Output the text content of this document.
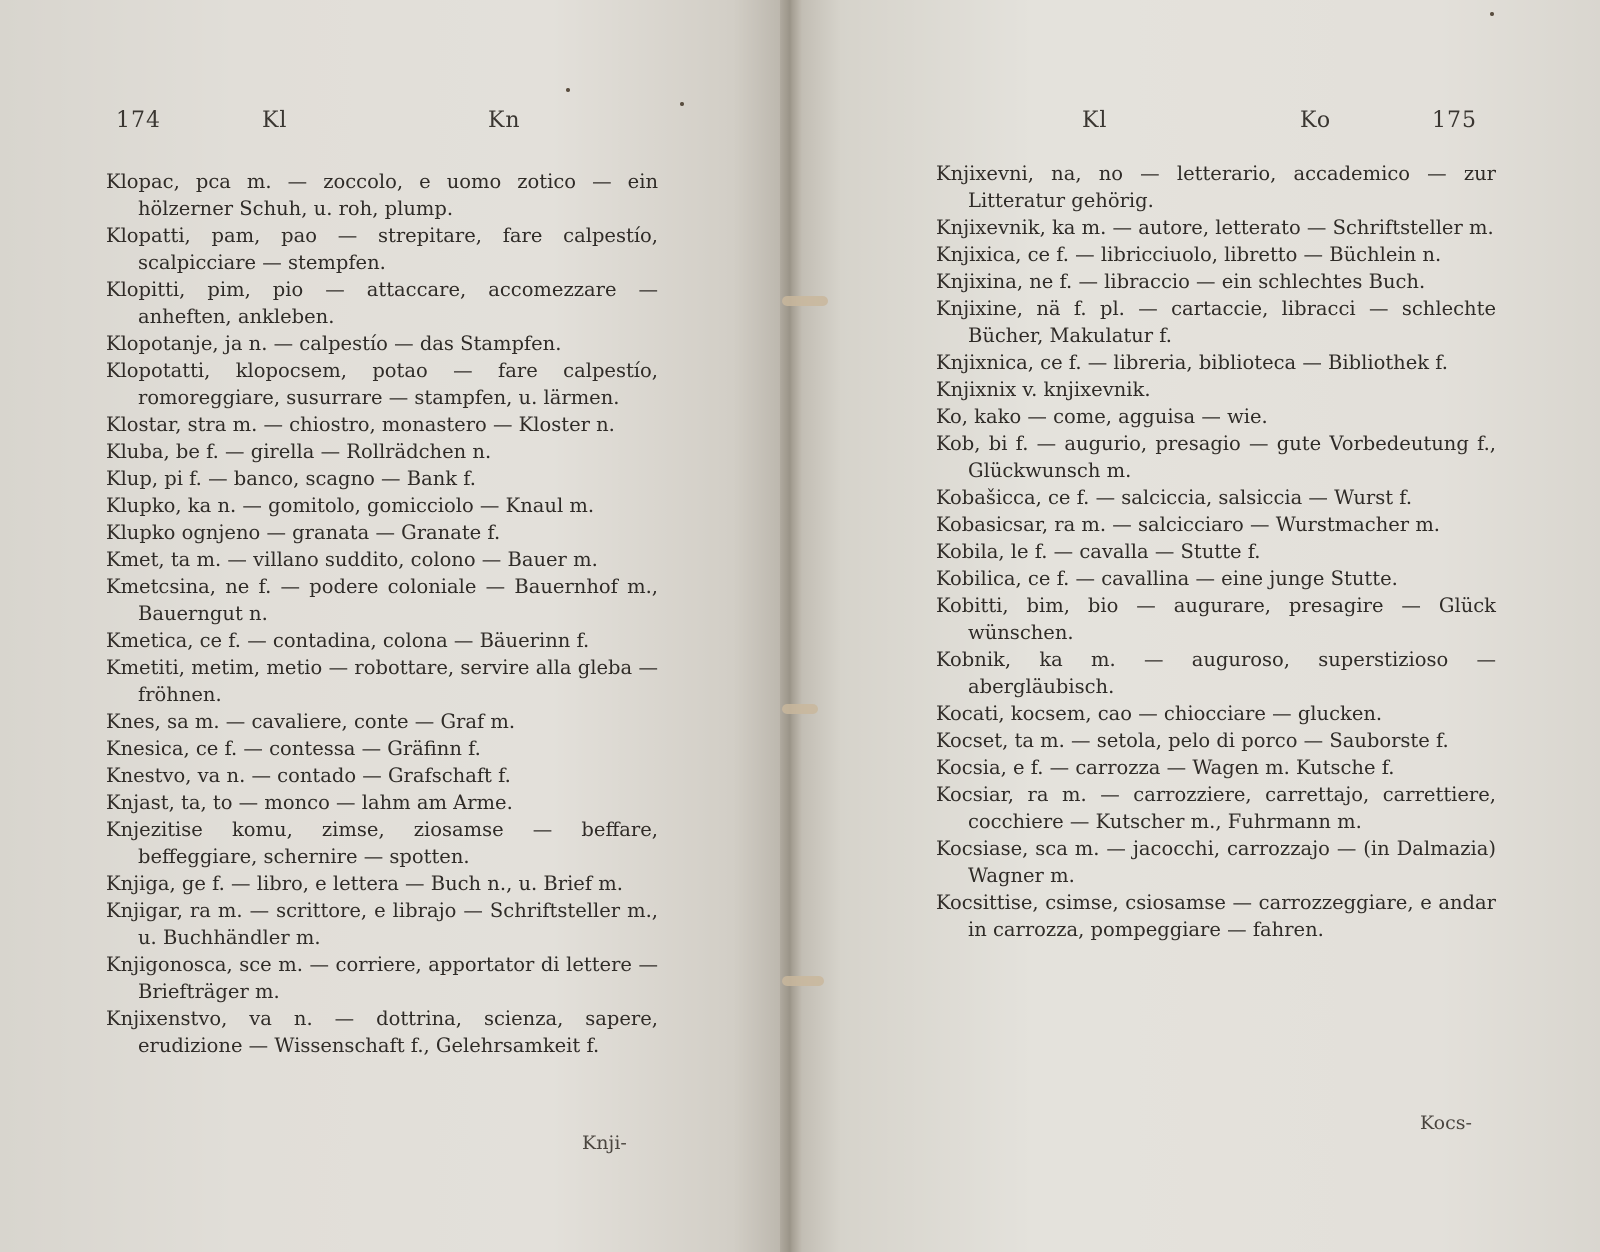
174	Kl	Kn

Klopac, pca m. — zoccolo, e uomo zotico — ein hölzerner Schuh, u. roh, plump.

Klopatti, pam, pao — strepitare, fare calpestío, scalpicciare — stempfen.

Klopitti, pim, pio — attaccare, accomezzare — anheften, ankleben.

Klopotanje, ja n. — calpestío — das Stampfen.

Klopotatti, klopocsem, potao — fare calpestío, romoreggiare, susurrare — stampfen, u. lärmen.

Klostar, stra m. — chiostro, monastero — Kloster n.

Kluba, be f. — girella — Rollrädchen n.

Klup, pi f. — banco, scagno — Bank f.

Klupko, ka n. — gomitolo, gomicciolo — Knaul m.

Klupko ognjeno — granata — Granate f.

Kmet, ta m. — villano suddito, colono — Bauer m.

Kmetcsina, ne f. — podere coloniale — Bauernhof m., Bauerngut n.

Kmetica, ce f. — contadina, colona — Bäuerinn f.

Kmetiti, metim, metio — robottare, servire alla gleba — fröhnen.

Knes, sa m. — cavaliere, conte — Graf m.

Knesica, ce f. — contessa — Gräfinn f.

Knestvo, va n. — contado — Grafschaft f.

Knjast, ta, to — monco — lahm am Arme.

Knjezitise komu, zimse, ziosamse — beffare, beffeggiare, schernire — spotten.

Knjiga, ge f. — libro, e lettera — Buch n., u. Brief m.

Knjigar, ra m. — scrittore, e librajo — Schriftsteller m., u. Buchhändler m.

Knjigonosca, sce m. — corriere, apportator di lettere — Briefträger m.

Knjixenstvo, va n. — dottrina, scienza, sapere, erudizione — Wissenschaft f., Gelehrsamkeit f.

Knji-
Kl	Ko	175

Knjixevni, na, no — letterario, accademico — zur Litteratur gehörig.

Knjixevnik, ka m. — autore, letterato — Schriftsteller m.

Knjixica, ce f. — libricciuolo, libretto — Büchlein n.

Knjixina, ne f. — libraccio — ein schlechtes Buch.

Knjixine, nä f. pl. — cartaccie, libracci — schlechte Bücher, Makulatur f.

Knjixnica, ce f. — libreria, biblioteca — Bibliothek f.

Knjixnix v. knjixevnik.

Ko, kako — come, agguisa — wie.

Kob, bi f. — augurio, presagio — gute Vorbedeutung f., Glückwunsch m.

Kobašicca, ce f. — salciccia, salsiccia — Wurst f.

Kobasicsar, ra m. — salcicciaro — Wurstmacher m.

Kobila, le f. — cavalla — Stutte f.

Kobilica, ce f. — cavallina — eine junge Stutte.

Kobitti, bim, bio — augurare, presagire — Glück wünschen.

Kobnik, ka m. — auguroso, superstizioso — abergläubisch.

Kocati, kocsem, cao — chiocciare — glucken.

Kocset, ta m. — setola, pelo di porco — Sauborste f.

Kocsia, e f. — carrozza — Wagen m. Kutsche f.

Kocsiar, ra m. — carrozziere, carrettajo, carrettiere, cocchiere — Kutscher m., Fuhrmann m.

Kocsiase, sca m. — jacocchi, carrozzajo — (in Dalmazia) Wagner m.

Kocsittise, csimse, csiosamse — carrozzeggiare, e andar in carrozza, pompeggiare — fahren.

Kocs-
